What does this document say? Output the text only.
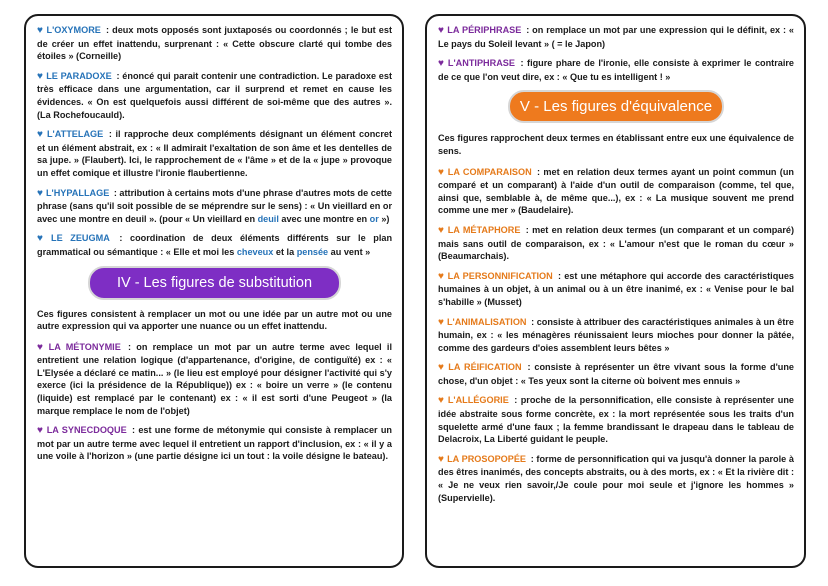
♥ L'OXYMORE : deux mots opposés sont juxtaposés ou coordonnés ; le but est de créer un effet inattendu, surprenant : « Cette obscure clarté qui tombe des étoiles » (Corneille)

♥ LE PARADOXE : énoncé qui parait contenir une contradiction. Le paradoxe est très efficace dans une argumentation, car il surprend et remet en cause les évidences. « On est quelquefois aussi différent de soi-même que des autres ». (La Rochefoucauld).

♥ L'ATTELAGE : il rapproche deux compléments désignant un élément concret et un élément abstrait, ex : « Il admirait l'exaltation de son âme et les dentelles de sa jupe. » (Flaubert). Ici, le rapprochement de « l'âme » et de la « jupe » provoque un effet comique et illustre l'ironie flaubertienne.

♥ L'HYPALLAGE : attribution à certains mots d'une phrase d'autres mots de cette phrase (sans qu'il soit possible de se méprendre sur le sens) : « Un vieillard en or avec une montre en deuil ». (pour « Un vieillard en deuil avec une montre en or »)

♥ LE ZEUGMA : coordination de deux éléments différents sur le plan grammatical ou sémantique : « Elle et moi les cheveux et la pensée au vent »

IV - Les figures de substitution

Ces figures consistent à remplacer un mot ou une idée par un autre mot ou une autre expression qui va apporter une nuance ou un effet inattendu.

♥ LA MÉTONYMIE : on remplace un mot par un autre terme avec lequel il entretient une relation logique (d'appartenance, d'origine, de contiguïté) ex : « L'Elysée a déclaré ce matin... » (le lieu est employé pour désigner l'activité qui s'y exerce (ici la présidence de la République)) ex : « boire un verre » (le contenu (liquide) est remplacé par le contenant) ex : « il est sorti d'une Peugeot » (la marque remplace le nom de l'objet)

♥ LA SYNECDOQUE : est une forme de métonymie qui consiste à remplacer un mot par un autre terme avec lequel il entretient un rapport d'inclusion, ex : « il y a une voile à l'horizon » (une partie désigne ici un tout : la voile désigne le bateau).

♥ LA PÉRIPHRASE : on remplace un mot par une expression qui le définit, ex : « Le pays du Soleil levant » ( = le Japon)

♥ L'ANTIPHRASE : figure phare de l'ironie, elle consiste à exprimer le contraire de ce que l'on veut dire, ex : « Que tu es intelligent ! »

V - Les figures d'équivalence

Ces figures rapprochent deux termes en établissant entre eux une équivalence de sens.

♥ LA COMPARAISON : met en relation deux termes ayant un point commun (un comparé et un comparant) à l'aide d'un outil de comparaison (comme, tel que, ainsi que, semblable à, de même que...), ex : « La musique souvent me prend comme une mer » (Baudelaire).

♥ LA MÉTAPHORE : met en relation deux termes (un comparant et un comparé) mais sans outil de comparaison, ex : « L'amour n'est que le roman du cœur » (Beaumarchais).

♥ LA PERSONNIFICATION : est une métaphore qui accorde des caractéristiques humaines à un objet, à un animal ou à un être inanimé, ex : « Venise pour le bal s'habille » (Musset)

♥ L'ANIMALISATION : consiste à attribuer des caractéristiques animales à un être humain, ex : « les ménagères réunissaient leurs mioches pour donner la pâtée, comme des gardeurs d'oies assemblent leurs bêtes »

♥ LA RÉIFICATION : consiste à représenter un être vivant sous la forme d'une chose, d'un objet : « Tes yeux sont la citerne où boivent mes ennuis »

♥ L'ALLÉGORIE : proche de la personnification, elle consiste à représenter une idée abstraite sous forme concrète, ex : la mort représentée sous les traits d'un squelette armé d'une faux ; la femme brandissant le drapeau dans le tableau de Delacroix, La Liberté guidant le peuple.

♥ LA PROSOPOPÉE : forme de personnification qui va jusqu'à donner la parole à des êtres inanimés, des concepts abstraits, ou à des morts, ex : « Et la rivière dit : « Je ne veux rien savoir,/Je coule pour moi seule et j'ignore les hommes » (Supervielle).
